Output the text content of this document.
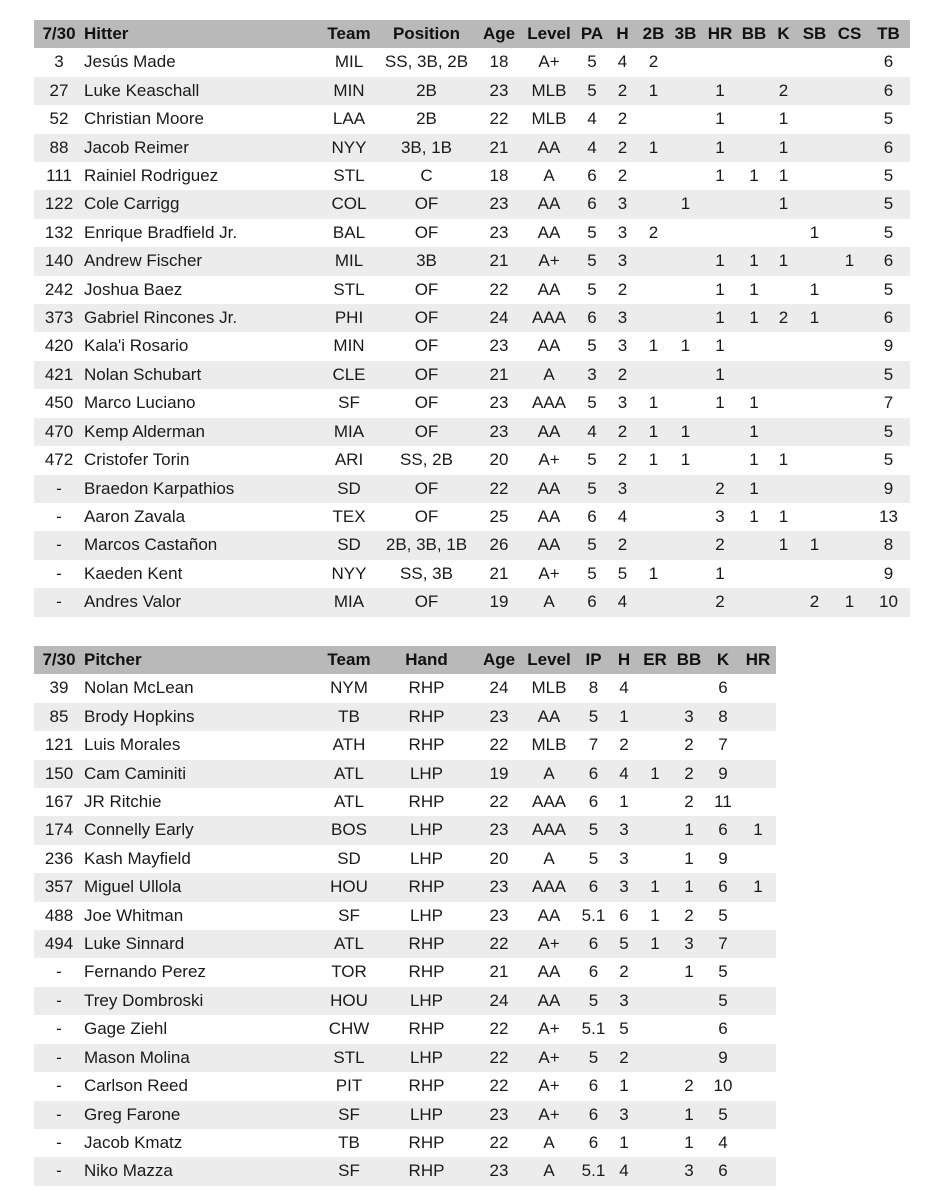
7/30	Hitter	Team	Position	Age	Level	PA	H	2B	3B	HR	BB	K	SB	CS	TB
3	Jesús Made	MIL	SS, 3B, 2B	18	A+	5	4	2							6
27	Luke Keaschall	MIN	2B	23	MLB	5	2	1		1		2			6
52	Christian Moore	LAA	2B	22	MLB	4	2			1		1			5
88	Jacob Reimer	NYY	3B, 1B	21	AA	4	2	1		1		1			6
111	Rainiel Rodriguez	STL	C	18	A	6	2			1	1	1			5
122	Cole Carrigg	COL	OF	23	AA	6	3		1			1			5
132	Enrique Bradfield Jr.	BAL	OF	23	AA	5	3	2					1		5
140	Andrew Fischer	MIL	3B	21	A+	5	3			1	1	1		1	6
242	Joshua Baez	STL	OF	22	AA	5	2			1	1		1		5
373	Gabriel Rincones Jr.	PHI	OF	24	AAA	6	3			1	1	2	1		6
420	Kala'i Rosario	MIN	OF	23	AA	5	3	1	1	1					9
421	Nolan Schubart	CLE	OF	21	A	3	2			1					5
450	Marco Luciano	SF	OF	23	AAA	5	3	1		1	1				7
470	Kemp Alderman	MIA	OF	23	AA	4	2	1	1		1				5
472	Cristofer Torin	ARI	SS, 2B	20	A+	5	2	1	1		1	1			5
-	Braedon Karpathios	SD	OF	22	AA	5	3			2	1				9
-	Aaron Zavala	TEX	OF	25	AA	6	4			3	1	1			13
-	Marcos Castañon	SD	2B, 3B, 1B	26	AA	5	2			2		1	1		8
-	Kaeden Kent	NYY	SS, 3B	21	A+	5	5	1		1					9
-	Andres Valor	MIA	OF	19	A	6	4			2			2	1	10
7/30	Pitcher	Team	Hand	Age	Level	IP	H	ER	BB	K	HR
39	Nolan McLean	NYM	RHP	24	MLB	8	4			6	
85	Brody Hopkins	TB	RHP	23	AA	5	1		3	8	
121	Luis Morales	ATH	RHP	22	MLB	7	2		2	7	
150	Cam Caminiti	ATL	LHP	19	A	6	4	1	2	9	
167	JR Ritchie	ATL	RHP	22	AAA	6	1		2	11	
174	Connelly Early	BOS	LHP	23	AAA	5	3		1	6	1
236	Kash Mayfield	SD	LHP	20	A	5	3		1	9	
357	Miguel Ullola	HOU	RHP	23	AAA	6	3	1	1	6	1
488	Joe Whitman	SF	LHP	23	AA	5.1	6	1	2	5	
494	Luke Sinnard	ATL	RHP	22	A+	6	5	1	3	7	
-	Fernando Perez	TOR	RHP	21	AA	6	2		1	5	
-	Trey Dombroski	HOU	LHP	24	AA	5	3			5	
-	Gage Ziehl	CHW	RHP	22	A+	5.1	5			6	
-	Mason Molina	STL	LHP	22	A+	5	2			9	
-	Carlson Reed	PIT	RHP	22	A+	6	1		2	10	
-	Greg Farone	SF	LHP	23	A+	6	3		1	5	
-	Jacob Kmatz	TB	RHP	22	A	6	1		1	4	
-	Niko Mazza	SF	RHP	23	A	5.1	4		3	6	
